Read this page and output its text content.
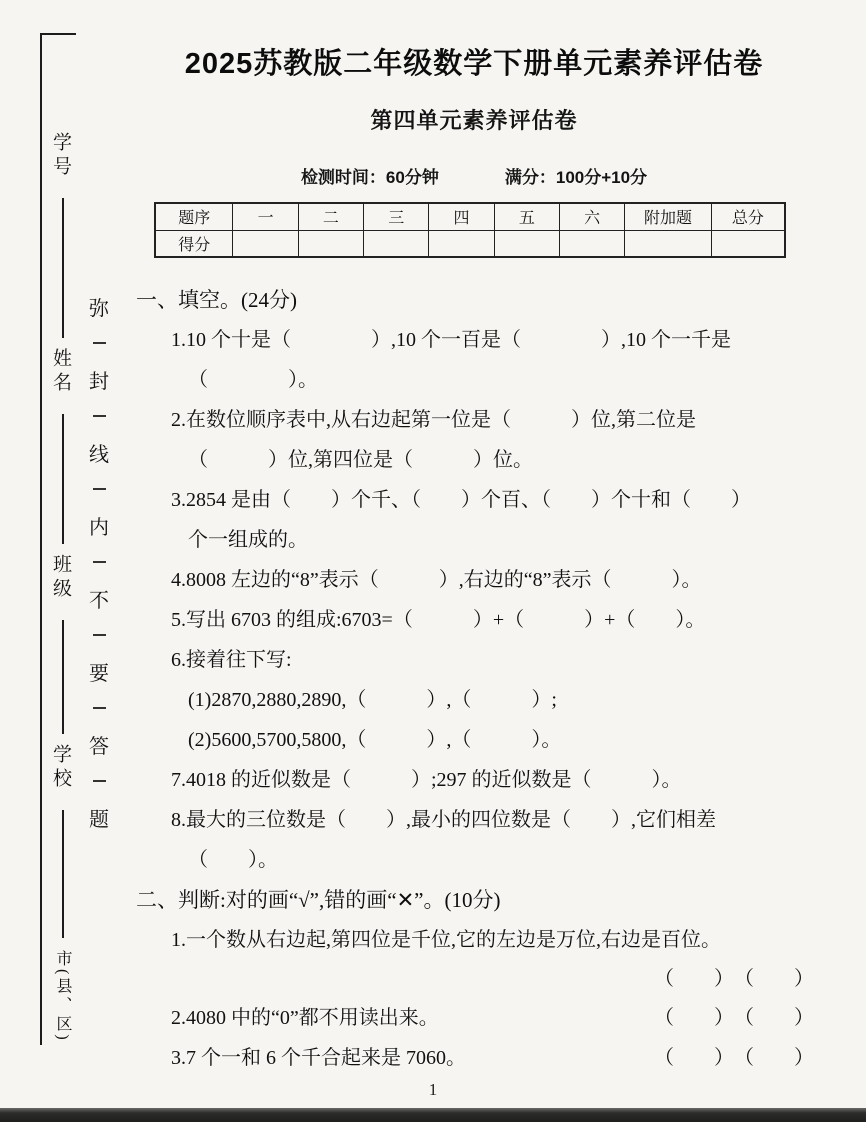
学号
姓名
班级
学校
市(县、区)
弥
封
线
内
不
要
答
题
2025苏教版二年级数学下册单元素养评估卷
第四单元素养评估卷
检测时间：60分钟	满分：100分+10分
题序	一	二	三	四	五	六	附加题	总分
得分								
一、填空。(24分)
1.10 个十是（　　　　）,10 个一百是（　　　　）,10 个一千是
（　　　　）。
2.在数位顺序表中,从右边起第一位是（　　　）位,第二位是
（　　　）位,第四位是（　　　）位。
3.2854 是由（　　）个千、（　　）个百、（　　）个十和（　　）
个一组成的。
4.8008 左边的“8”表示（　　　）,右边的“8”表示（　　　）。
5.写出 6703 的组成:6703=（　　　）+（　　　）+（　　）。
6.接着往下写:
(1)2870,2880,2890,（　　　）,（　　　）;
(2)5600,5700,5800,（　　　）,（　　　）。
7.4018 的近似数是（　　　）;297 的近似数是（　　　）。
8.最大的三位数是（　　）,最小的四位数是（　　）,它们相差
（　　）。
二、判断:对的画“√”,错的画“✕”。(10分)
1.一个数从右边起,第四位是千位,它的左边是万位,右边是百位。
（　　）　（　　）
2.4080 中的“0”都不用读出来。	（　　）　（　　）
3.7 个一和 6 个千合起来是 7060。	（　　）　（　　）
1
